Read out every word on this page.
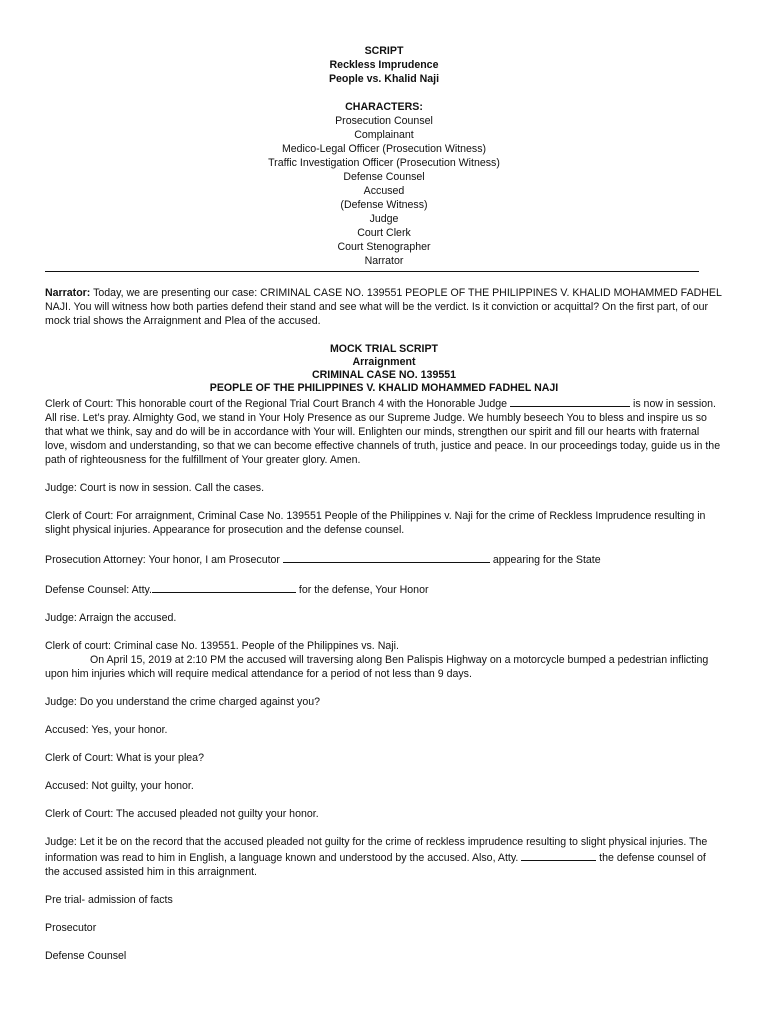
SCRIPT
Reckless Imprudence
People vs. Khalid Naji
CHARACTERS:
Prosecution Counsel
Complainant
Medico-Legal Officer (Prosecution Witness)
Traffic Investigation Officer (Prosecution Witness)
Defense Counsel
Accused
(Defense Witness)
Judge
Court Clerk
Court Stenographer
Narrator

Narrator: Today, we are presenting our case: CRIMINAL CASE NO. 139551 PEOPLE OF THE PHILIPPINES V. KHALID MOHAMMED FADHEL NAJI. You will witness how both parties defend their stand and see what will be the verdict. Is it conviction or acquittal? On the first part, of our mock trial shows the Arraignment and Plea of the accused.

MOCK TRIAL SCRIPT
Arraignment
CRIMINAL CASE NO. 139551
PEOPLE OF THE PHILIPPINES V. KHALID MOHAMMED FADHEL NAJI

Clerk of Court: This honorable court of the Regional Trial Court Branch 4 with the Honorable Judge	is now in session. All rise. Let’s pray. Almighty God, we stand in Your Holy Presence as our Supreme Judge. We humbly beseech You to bless and inspire us so that what we think, say and do will be in accordance with Your will. Enlighten our minds, strengthen our spirit and fill our hearts with fraternal love, wisdom and understanding, so that we can become effective channels of truth, justice and peace. In our proceedings today, guide us in the path of righteousness for the fulfillment of Your greater glory. Amen.

Judge: Court is now in session. Call the cases.

Clerk of Court: For arraignment, Criminal Case No. 139551 People of the Philippines v. Naji for the crime of Reckless Imprudence resulting in slight physical injuries. Appearance for prosecution and the defense counsel.

Prosecution Attorney: Your honor, I am Prosecutor	appearing for the State

Defense Counsel: Atty.	for the defense, Your Honor

Judge: Arraign the accused.

Clerk of court: Criminal case No. 139551. People of the Philippines vs. Naji.

On April 15, 2019 at 2:10 PM the accused will traversing along Ben Palispis Highway on a motorcycle bumped a pedestrian inflicting upon him injuries which will require medical attendance for a period of not less than 9 days.

Judge: Do you understand the crime charged against you?

Accused: Yes, your honor.

Clerk of Court: What is your plea?

Accused: Not guilty, your honor.

Clerk of Court: The accused pleaded not guilty your honor.

Judge: Let it be on the record that the accused pleaded not guilty for the crime of reckless imprudence resulting to slight physical injuries. The information was read to him in English, a language known and understood by the accused. Also, Atty.	the defense counsel of the accused assisted him in this arraignment.

Pre trial- admission of facts

Prosecutor

Defense Counsel
